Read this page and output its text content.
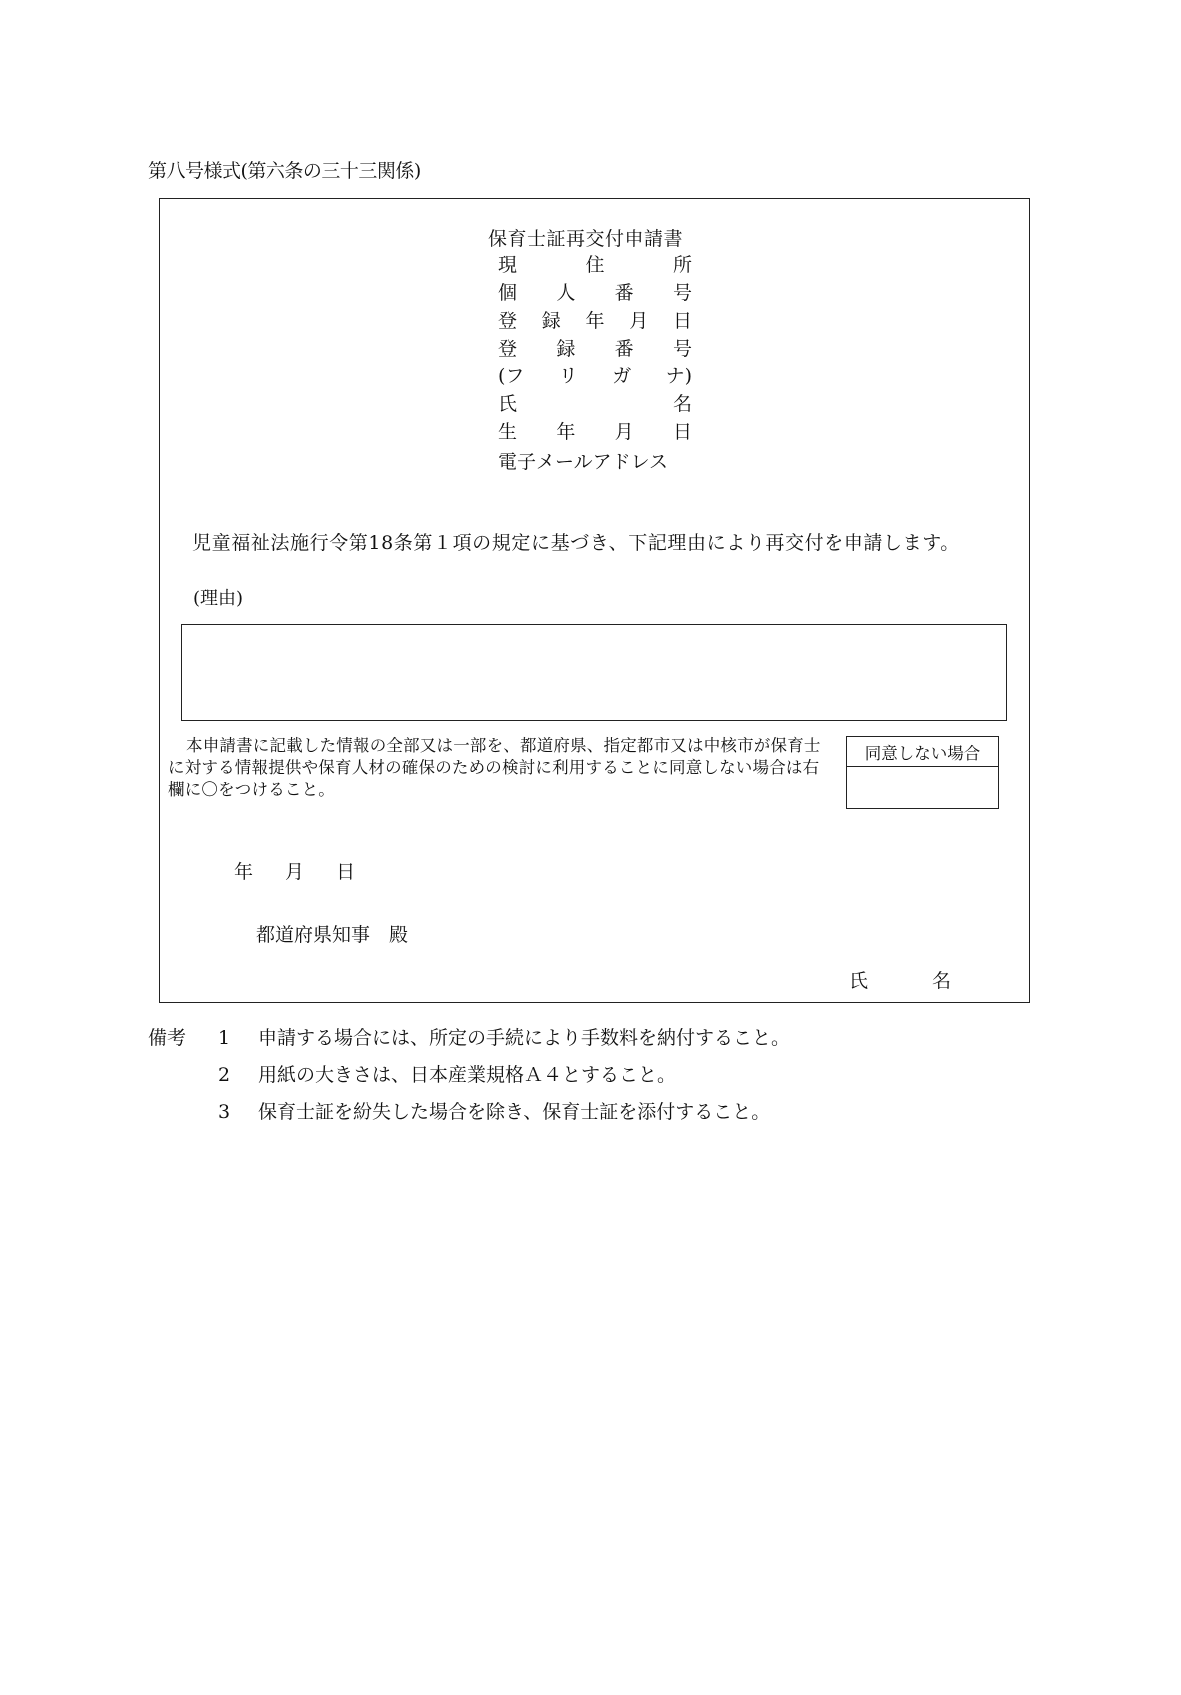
第八号様式(第六条の三十三関係)
保育士証再交付申請書
現	住	所
個 人 番 号
登 録 年 月 日
登 録 番 号
(フ リ ガ ナ)
氏	名
生 年 月 日
電子メールアドレス
児童福祉法施行令第18条第１項の規定に基づき、下記理由により再交付を申請します。
(理由)
本申請書に記載した情報の全部又は一部を、都道府県、指定都市又は中核市が保育士に対する情報提供や保育人材の確保のための検討に利用することに同意しない場合は右欄に〇をつけること。
同意しない場合
年 月 日
都道府県知事　殿
氏 名
備考 1 申請する場合には、所定の手続により手数料を納付すること。
2 用紙の大きさは、日本産業規格Ａ４とすること。
3 保育士証を紛失した場合を除き、保育士証を添付すること。
